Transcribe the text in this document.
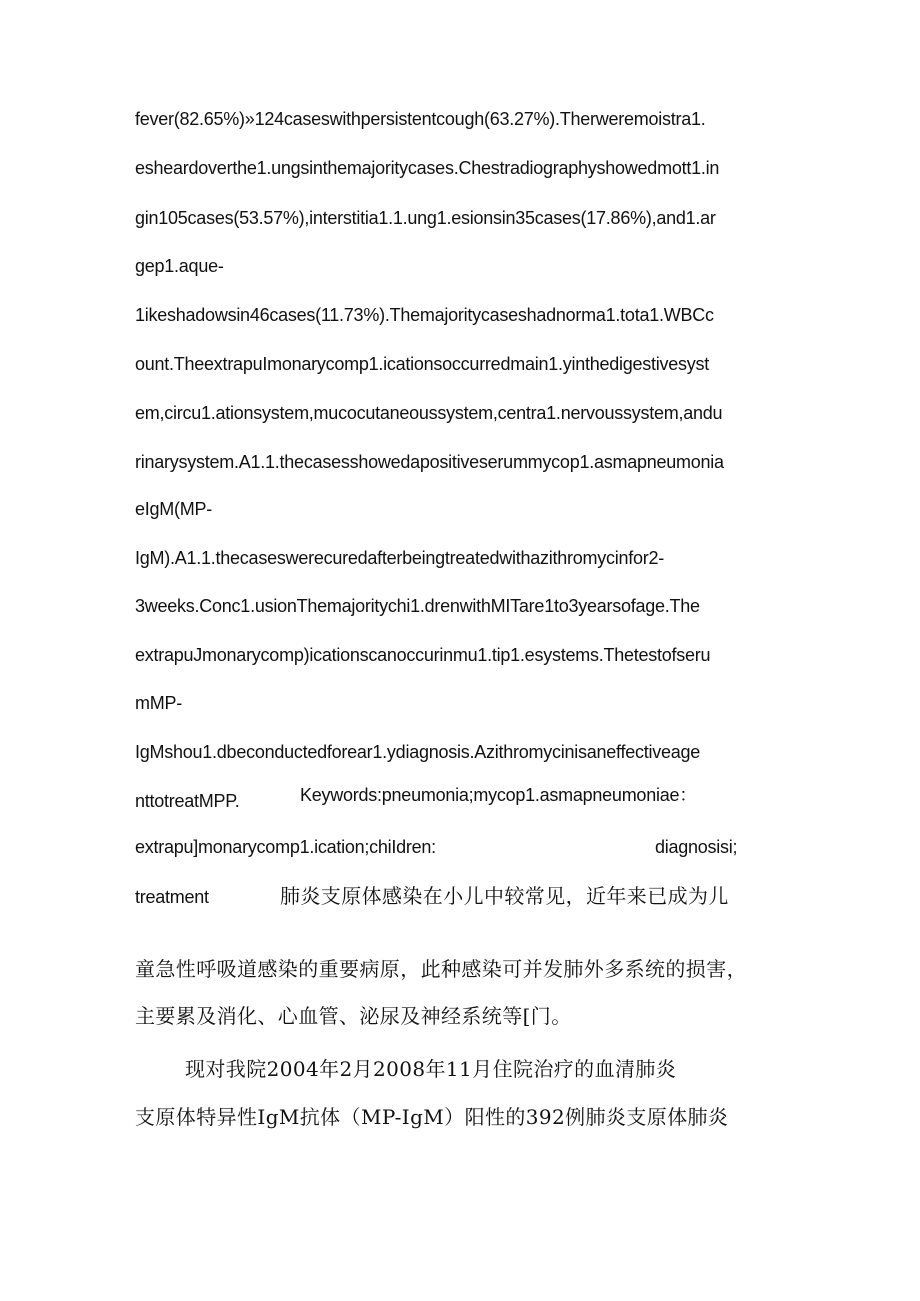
fever(82.65%)»124caseswithpersistentcough(63.27%).Therweremoistra1.
esheardoverthe1.ungsinthemajoritycases.Chestradiographyshowedmott1.in
gin105cases(53.57%),interstitia1.1.ung1.esionsin35cases(17.86%),and1.ar
gep1.aque-
1ikeshadowsin46cases(11.73%).Themajoritycaseshadnorma1.tota1.WBCc
ount.TheextrapuImonarycomp1.icationsoccurredmain1.yinthedigestivesyst
em,circu1.ationsystem,mucocutaneoussystem,centra1.nervoussystem,andu
rinarysystem.A1.1.thecasesshowedapositiveserummycop1.asmapneumonia
eIgM(MP-
IgM).A1.1.thecaseswerecuredafterbeingtreatedwithazithromycinfor2-
3weeks.Conc1.usionThemajoritychi1.drenwithMITare1to3yearsofage.The
extrapuJmonarycomp)icationscanoccurinmu1.tip1.esystems.Thetestofseru
mMP-
IgMshou1.dbeconductedforear1.ydiagnosis.Azithromycinisaneffectiveage
nttotreatMPP.	Keywords:pneumonia;mycop1.asmapneumoniae：
extrapu]monarycomp1.ication;chiIdren:	diagnosisi;
treatment	肺炎支原体感染在小儿中较常见，近年来已成为儿
童急性呼吸道感染的重要病原，此种感染可并发肺外多系统的损害，
主要累及消化、心血管、泌尿及神经系统等[门。
现对我院2004年2月2008年11月住院治疗的血清肺炎
支原体特异性IgM抗体（MP-IgM）阳性的392例肺炎支原体肺炎
